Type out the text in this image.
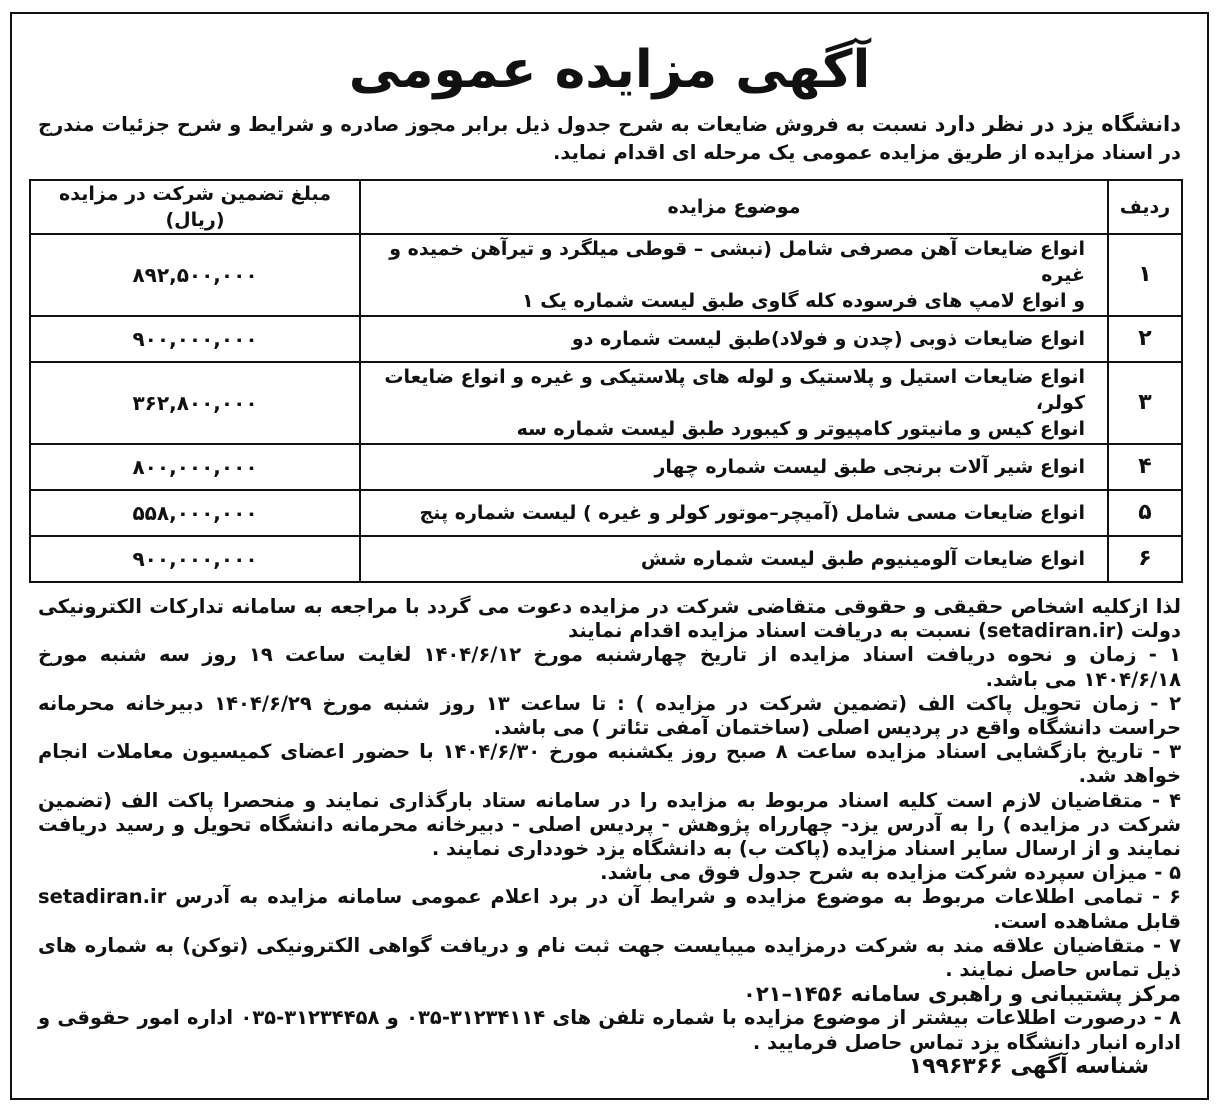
آگهی مزایده عمومی
دانشگاه یزد در نظر دارد نسبت به فروش ضایعات به شرح جدول ذیل برابر مجوز صادره و شرایط و شرح جزئیات مندرج در اسناد مزایده از طریق مزایده عمومی یک مرحله ای اقدام نماید.
ردیف	موضوع مزایده	مبلغ تضمین شرکت در مزایده (ریال)
۱	انواع ضایعات آهن مصرفی شامل (نبشی – قوطی میلگرد و تیرآهن خمیده و غیره
و انواع لامپ های فرسوده کله گاوی طبق لیست شماره یک ۱	۸۹۲,۵۰۰,۰۰۰
۲	انواع ضایعات ذوبی (چدن و فولاد)طبق لیست شماره دو	۹۰۰,۰۰۰,۰۰۰
۳	انواع ضایعات استیل و پلاستیک و لوله های پلاستیکی و غیره و انواع ضایعات کولر،
انواع کیس و مانیتور کامپیوتر و کیبورد طبق لیست شماره سه	۳۶۲,۸۰۰,۰۰۰
۴	انواع شیر آلات برنجی طبق لیست شماره چهار	۸۰۰,۰۰۰,۰۰۰
۵	انواع ضایعات مسی شامل (آمیچر–موتور کولر و غیره ) لیست شماره پنج	۵۵۸,۰۰۰,۰۰۰
۶	انواع ضایعات آلومینیوم طبق لیست شماره شش	۹۰۰,۰۰۰,۰۰۰
لذا ازکلیه اشخاص حقیقی و حقوقی متقاضی شرکت در مزایده دعوت می گردد با مراجعه به سامانه تدارکات الکترونیکی دولت (setadiran.ir) نسبت به دریافت اسناد مزایده اقدام نمایند
۱ - زمان و نحوه دریافت اسناد مزایده از تاریخ چهارشنبه مورخ ۱۴۰۴/۶/۱۲ لغایت ساعت ۱۹ روز سه شنبه مورخ ۱۴۰۴/۶/۱۸ می باشد.
۲ - زمان تحویل پاکت الف (تضمین شرکت در مزایده ) : تا ساعت ۱۳ روز شنبه مورخ ۱۴۰۴/۶/۲۹ دبیرخانه محرمانه حراست دانشگاه واقع در پردیس اصلی (ساختمان آمفی تئاتر ) می باشد.
۳ - تاریخ بازگشایی اسناد مزایده ساعت ۸ صبح روز یکشنبه مورخ ۱۴۰۴/۶/۳۰ با حضور اعضای کمیسیون معاملات انجام خواهد شد.
۴ - متقاضیان لازم است کلیه اسناد مربوط به مزایده را در سامانه ستاد بارگذاری نمایند و منحصرا پاکت الف (تضمین شرکت در مزایده ) را به آدرس یزد- چهارراه پژوهش - پردیس اصلی - دبیرخانه محرمانه دانشگاه تحویل و رسید دریافت نمایند و از ارسال سایر اسناد مزایده (پاکت ب) به دانشگاه یزد خودداری نمایند .
۵ - میزان سپرده شرکت مزایده به شرح جدول فوق می باشد.
۶ - تمامی اطلاعات مربوط به موضوع مزایده و شرایط آن در برد اعلام عمومی سامانه مزایده به آدرس setadiran.ir قابل مشاهده است.
۷ - متقاضیان علاقه مند به شرکت درمزایده میبایست جهت ثبت نام و دریافت گواهی الکترونیکی (توکن) به شماره های ذیل تماس حاصل نمایند .
مرکز پشتیبانی و راهبری سامانه ۱۴۵۶–۰۲۱
۸ - درصورت اطلاعات بیشتر از موضوع مزایده با شماره تلفن های ۳۱۲۳۴۱۱۴-۰۳۵ و ۳۱۲۳۴۴۵۸-۰۳۵ اداره امور حقوقی و اداره انبار دانشگاه یزد تماس حاصل فرمایید .
شناسه آگهی ۱۹۹۶۳۶۶
